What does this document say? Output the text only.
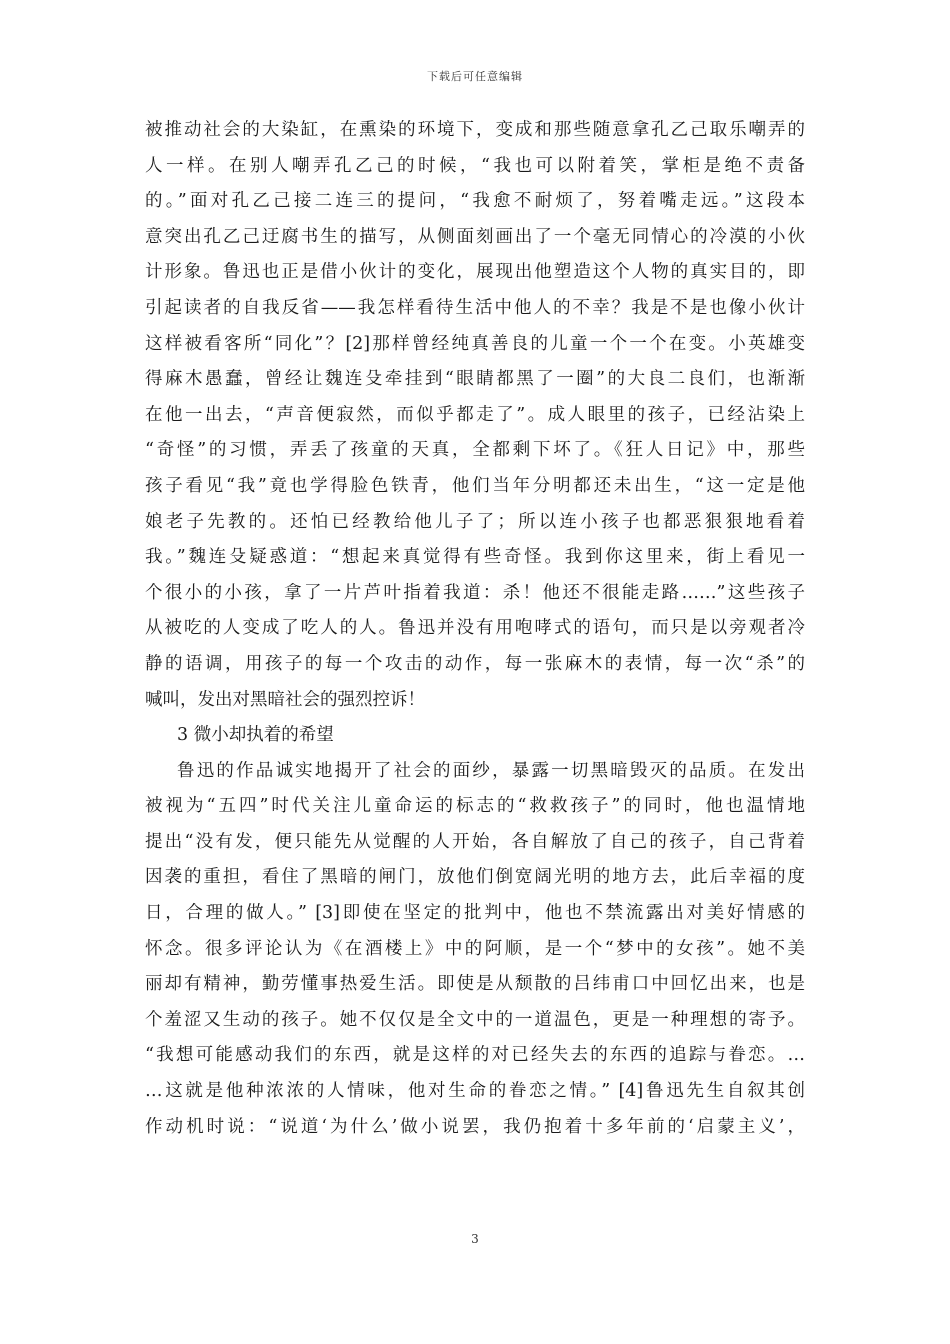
下载后可任意编辑
被推动社会的大染缸，在熏染的环境下，变成和那些随意拿孔乙己取乐嘲弄的
人一样。在别人嘲弄孔乙己的时候，“我也可以附着笑，掌柜是绝不责备
的。”面对孔乙己接二连三的提问，“我愈不耐烦了，努着嘴走远。”这段本
意突出孔乙己迂腐书生的描写，从侧面刻画出了一个毫无同情心的冷漠的小伙
计形象。鲁迅也正是借小伙计的变化，展现出他塑造这个人物的真实目的，即
引起读者的自我反省——我怎样看待生活中他人的不幸？我是不是也像小伙计
这样被看客所“同化”？[2]那样曾经纯真善良的儿童一个一个在变。小英雄变
得麻木愚蠢，曾经让魏连殳牵挂到“眼睛都黑了一圈”的大良二良们，也渐渐
在他一出去，“声音便寂然，而似乎都走了”。成人眼里的孩子，已经沾染上
“奇怪”的习惯，弄丢了孩童的天真，全都剩下坏了。《狂人日记》中，那些
孩子看见“我”竟也学得脸色铁青，他们当年分明都还未出生，“这一定是他
娘老子先教的。还怕已经教给他儿子了；所以连小孩子也都恶狠狠地看着
我。”魏连殳疑惑道：“想起来真觉得有些奇怪。我到你这里来，街上看见一
个很小的小孩，拿了一片芦叶指着我道：杀！他还不很能走路……”这些孩子
从被吃的人变成了吃人的人。鲁迅并没有用咆哮式的语句，而只是以旁观者冷
静的语调，用孩子的每一个攻击的动作，每一张麻木的表情，每一次“杀”的
喊叫，发出对黑暗社会的强烈控诉！
3 微小却执着的希望
鲁迅的作品诚实地揭开了社会的面纱，暴露一切黑暗毁灭的品质。在发出
被视为“五四”时代关注儿童命运的标志的“救救孩子”的同时，他也温情地
提出“没有发，便只能先从觉醒的人开始，各自解放了自己的孩子，自己背着
因袭的重担，看住了黑暗的闸门，放他们倒宽阔光明的地方去，此后幸福的度
日，合理的做人。” [3]即使在坚定的批判中，他也不禁流露出对美好情感的
怀念。很多评论认为《在酒楼上》中的阿顺，是一个“梦中的女孩”。她不美
丽却有精神，勤劳懂事热爱生活。即使是从颓散的吕纬甫口中回忆出来，也是
个羞涩又生动的孩子。她不仅仅是全文中的一道温色，更是一种理想的寄予。
“我想可能感动我们的东西，就是这样的对已经失去的东西的追踪与眷恋。…
…这就是他种浓浓的人情味，他对生命的眷恋之情。” [4]鲁迅先生自叙其创
作动机时说：“说道‘为什么’做小说罢，我仍抱着十多年前的‘启蒙主义’，
3
